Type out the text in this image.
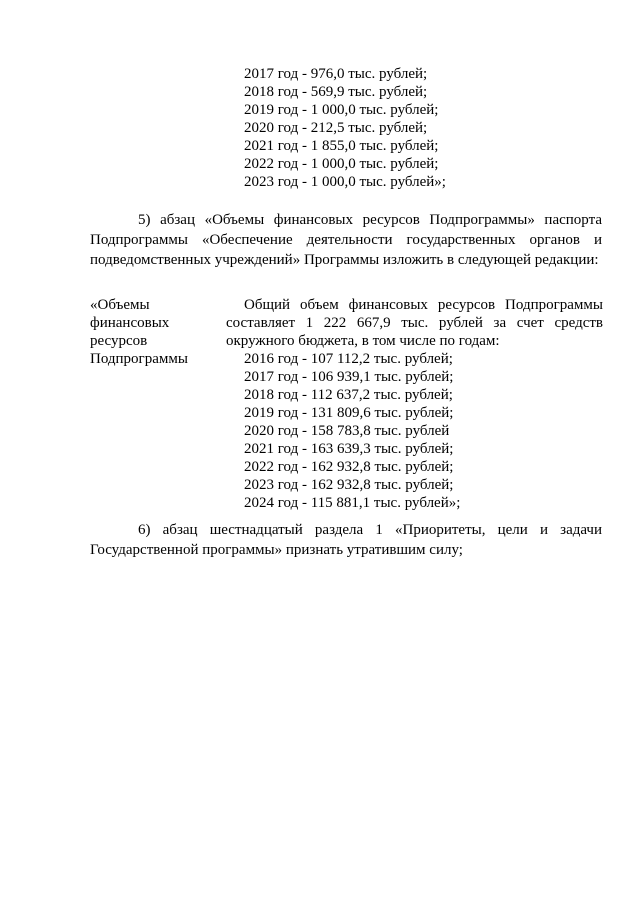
2017 год - 976,0 тыс. рублей;
2018 год - 569,9 тыс. рублей;
2019 год - 1 000,0 тыс. рублей;
2020 год - 212,5 тыс. рублей;
2021 год - 1 855,0 тыс. рублей;
2022 год - 1 000,0 тыс. рублей;
2023 год - 1 000,0 тыс. рублей»;

5) абзац «Объемы финансовых ресурсов Подпрограммы» паспорта Подпрограммы «Обеспечение деятельности государственных органов и подведомственных учреждений» Программы изложить в следующей редакции:

«Объемы
финансовых
ресурсов
Подпрограммы

Общий объем финансовых ресурсов Подпрограммы составляет 1 222 667,9 тыс. рублей за счет средств окружного бюджета, в том числе по годам:

2016 год - 107 112,2 тыс. рублей;
2017 год - 106 939,1 тыс. рублей;
2018 год - 112 637,2 тыс. рублей;
2019 год - 131 809,6 тыс. рублей;
2020 год - 158 783,8 тыс. рублей
2021 год - 163 639,3 тыс. рублей;
2022 год - 162 932,8 тыс. рублей;
2023 год - 162 932,8 тыс. рублей;
2024 год - 115 881,1 тыс. рублей»;

6) абзац шестнадцатый раздела 1 «Приоритеты, цели и задачи Государственной программы» признать утратившим силу;
